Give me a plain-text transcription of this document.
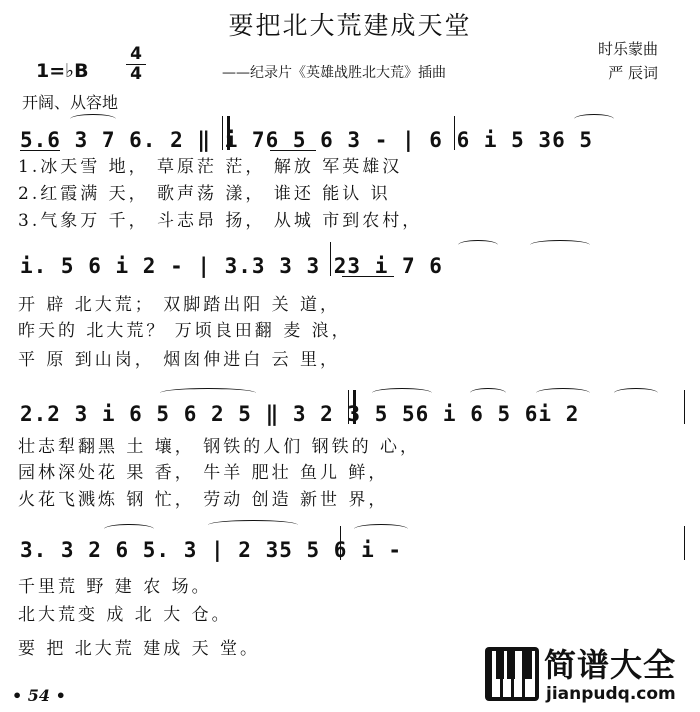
要把北大荒建成天堂
时乐蒙曲
严 辰词
——纪录片《英雄战胜北大荒》插曲
1=♭B
4
4
开阔、从容地
5.6 3 7 6. 2 ‖ i 76 5 6 3 - | 6 6 i 5 36 5
1.冰天雪 地， 草原茫 茫， 解放 军英雄汉
2.红霞满 天， 歌声荡 漾， 谁还 能认 识
3.气象万 千， 斗志昂 扬， 从城 市到农村，
i. 5 6 i 2 - | 3.3 3 3 23 i 7 6
开 辟 北大荒； 双脚踏出阳 关 道，
昨天的 北大荒？ 万顷良田翻 麦 浪，
平 原 到山岗， 烟囱伸进白 云 里，
2.2 3 i 6 5 6 2 5 ‖ 3 2 3 5 56 i 6 5 6i 2
壮志犁翻黑 土 壤， 钢铁的人们 钢铁的 心，
园林深处花 果 香， 牛羊 肥壮 鱼儿 鲜，
火花飞溅炼 钢 忙， 劳动 创造 新世 界，
3. 3 2 6 5. 3 | 2 35 5 6 i -
千里荒 野 建 农 场。
北大荒变 成 北 大 仓。
要 把 北大荒 建成 天 堂。
• 54 •
简谱大全
jianpudq.com
